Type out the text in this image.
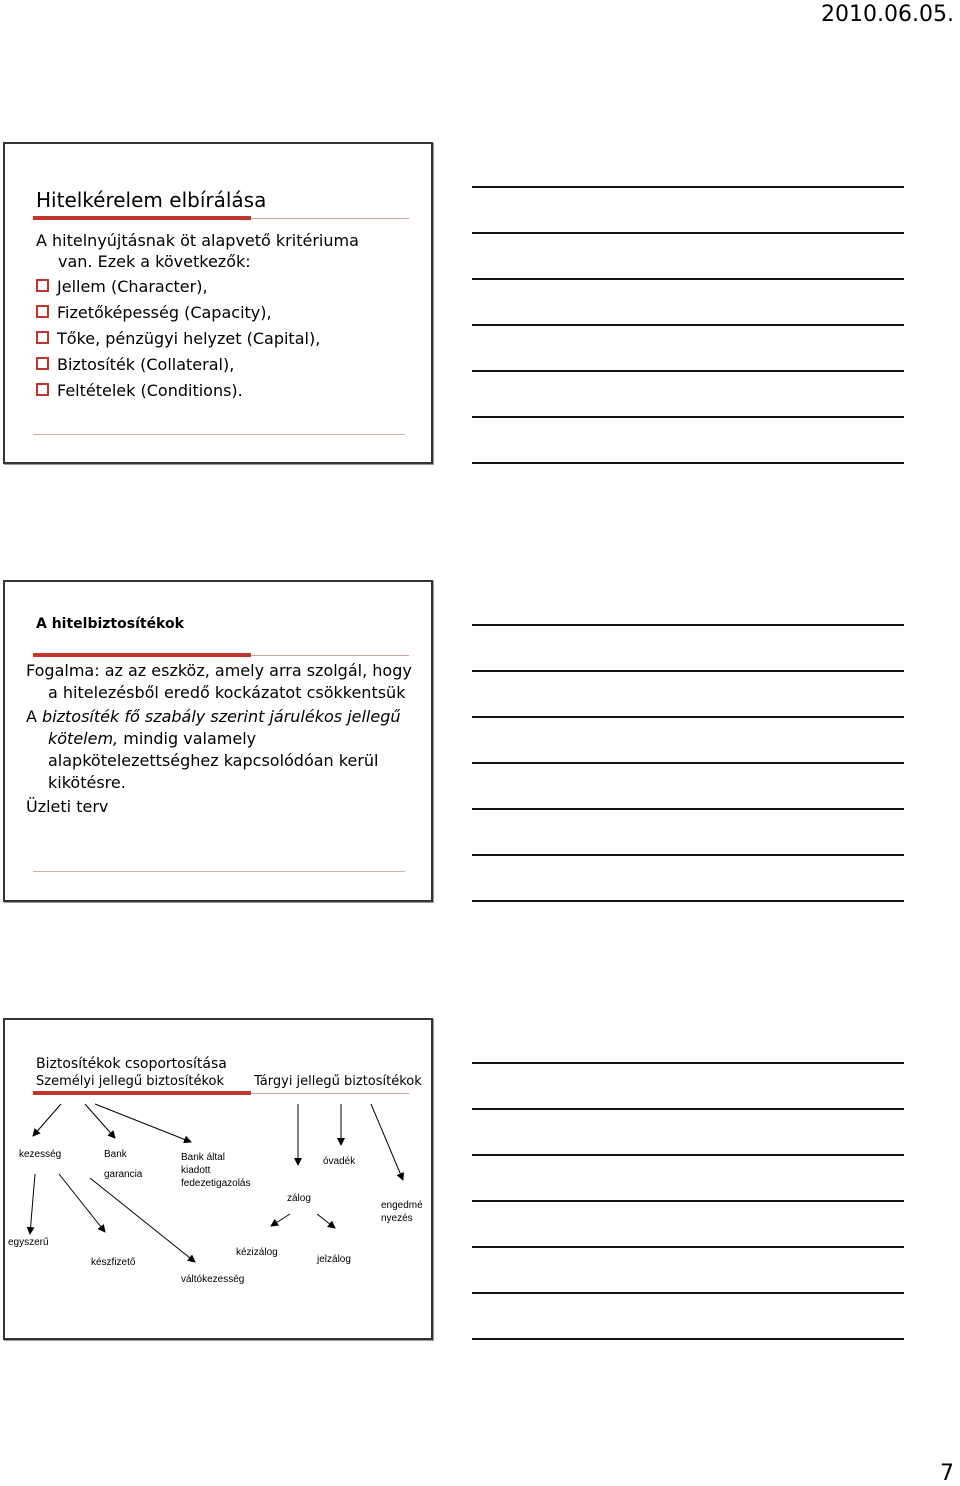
2010.06.05.
Hitelkérelem elbírálása
A hitelnyújtásnak öt alapvető kritériuma
van. Ezek a következők:
Jellem (Character),
Fizetőképesség (Capacity),
Tőke, pénzügyi helyzet (Capital),
Biztosíték (Collateral),
Feltételek (Conditions).
A hitelbiztosítékok

Fogalma: az az eszköz, amely arra szolgál, hogy a hitelezésből eredő kockázatot csökkentsük

A biztosíték fő szabály szerint járulékos jellegű kötelem, mindig valamely alapkötelezettséghez kapcsolódóan kerül kikötésre.

Üzleti terv

Biztosítékok csoportosítása
Személyi jellegű biztosítékok Tárgyi jellegű biztosítékok
kezesség	Bank
garancia
Bank által
kiadott
fedezetigazolás
óvadék
zálog
engedmé
nyezés
egyszerű
készfizető
kézizálog
jelzálog
váltókezesség
7
